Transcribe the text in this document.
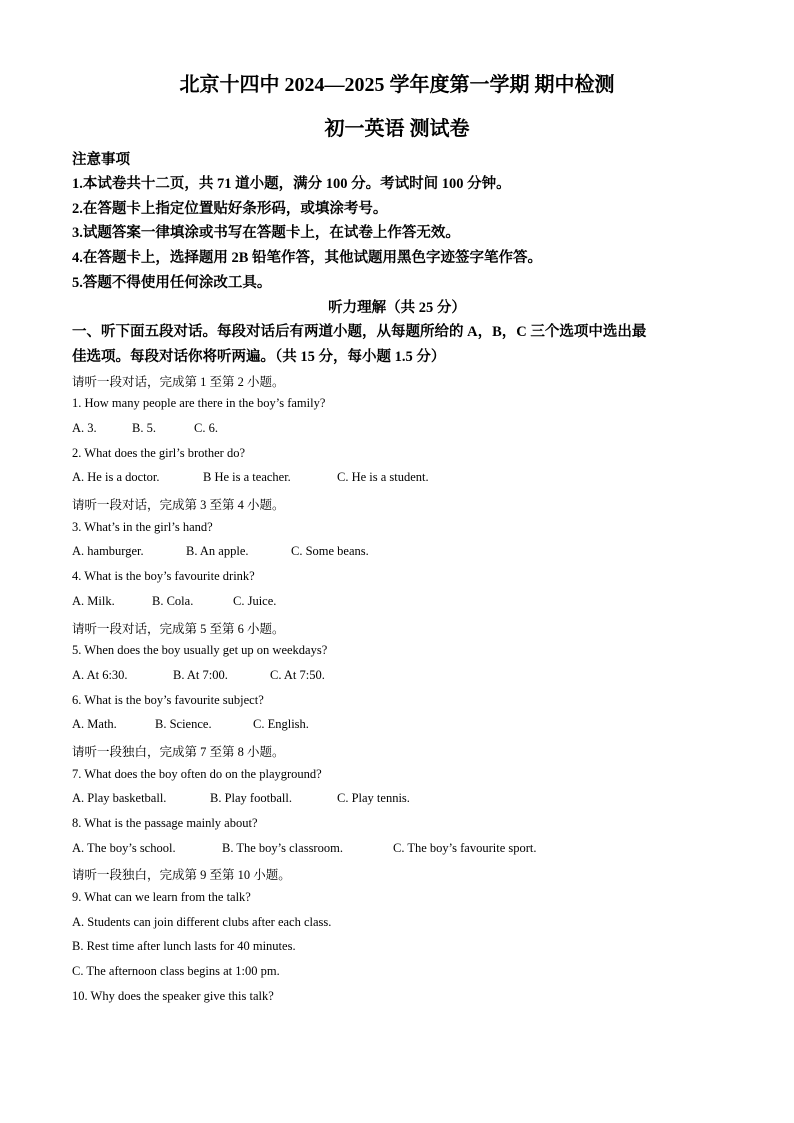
北京十四中 2024—2025 学年度第一学期 期中检测
初一英语 测试卷
注意事项
1.本试卷共十二页，共 71 道小题，满分 100 分。考试时间 100 分钟。
2.在答题卡上指定位置贴好条形码，或填涂考号。
3.试题答案一律填涂或书写在答题卡上，在试卷上作答无效。
4.在答题卡上，选择题用 2B 铅笔作答，其他试题用黑色字迹签字笔作答。
5.答题不得使用任何涂改工具。
听力理解（共 25 分）
一、听下面五段对话。每段对话后有两道小题，从每题所给的 A，B，C 三个选项中选出最
佳选项。每段对话你将听两遍。（共 15 分，每小题 1.5 分）
请听一段对话，完成第 1 至第 2 小题。
1. How many people are there in the boy’s family?
A. 3.	B. 5.	C. 6.
2. What does the girl’s brother do?
A. He is a doctor.	B He is a teacher.	C. He is a student.
请听一段对话，完成第 3 至第 4 小题。
3. What’s in the girl’s hand?
A. hamburger.	B. An apple.	C. Some beans.
4. What is the boy’s favourite drink?
A. Milk.	B. Cola.	C. Juice.
请听一段对话，完成第 5 至第 6 小题。
5. When does the boy usually get up on weekdays?
A. At 6:30.	B. At 7:00.	C. At 7:50.
6. What is the boy’s favourite subject?
A. Math.	B. Science.	C. English.
请听一段独白，完成第 7 至第 8 小题。
7. What does the boy often do on the playground?
A. Play basketball.	B. Play football.	C. Play tennis.
8. What is the passage mainly about?
A. The boy’s school.	B. The boy’s classroom.	C. The boy’s favourite sport.
请听一段独白，完成第 9 至第 10 小题。
9. What can we learn from the talk?
A. Students can join different clubs after each class.
B. Rest time after lunch lasts for 40 minutes.
C. The afternoon class begins at 1:00 pm.
10. Why does the speaker give this talk?
